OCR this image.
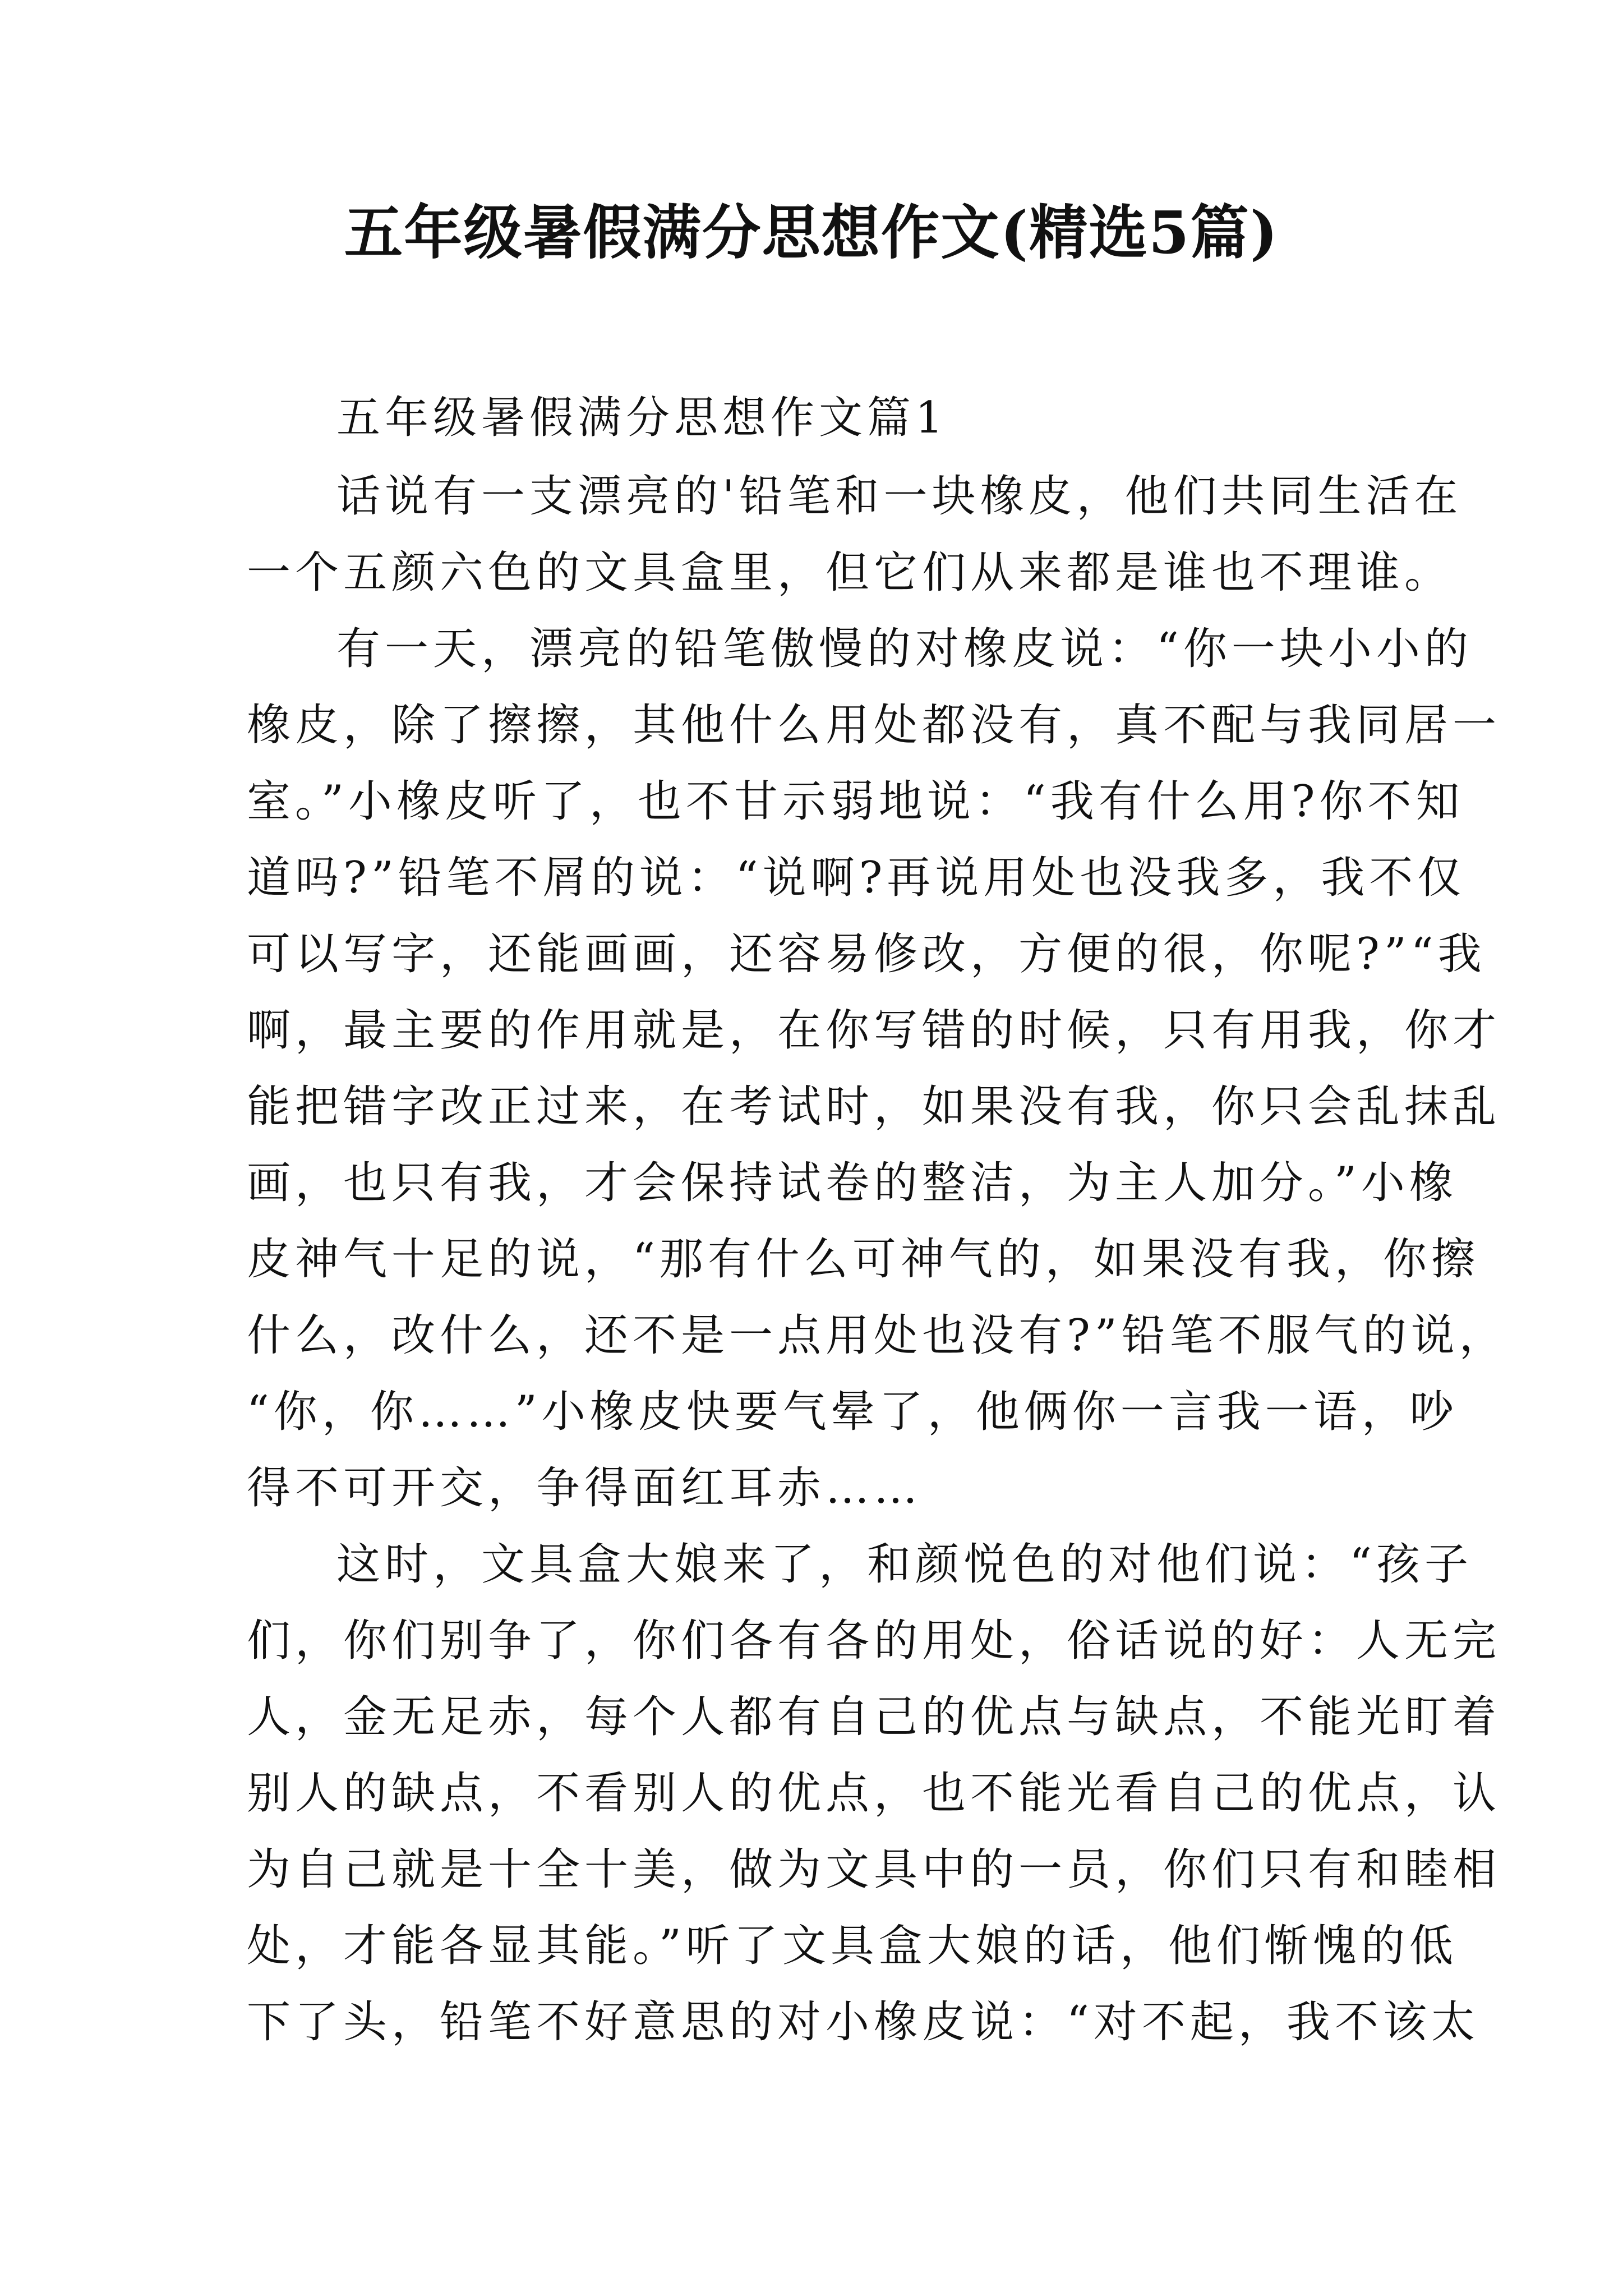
五年级暑假满分思想作文(精选5篇)
五年级暑假满分思想作文篇1
话说有一支漂亮的'铅笔和一块橡皮，他们共同生活在
一个五颜六色的文具盒里，但它们从来都是谁也不理谁。
有一天，漂亮的铅笔傲慢的对橡皮说：“你一块小小的
橡皮，除了擦擦，其他什么用处都没有，真不配与我同居一
室。”小橡皮听了，也不甘示弱地说：“我有什么用?你不知
道吗?”铅笔不屑的说：“说啊?再说用处也没我多，我不仅
可以写字，还能画画，还容易修改，方便的很，你呢?”“我
啊，最主要的作用就是，在你写错的时候，只有用我，你才
能把错字改正过来，在考试时，如果没有我，你只会乱抹乱
画，也只有我，才会保持试卷的整洁，为主人加分。”小橡
皮神气十足的说，“那有什么可神气的，如果没有我，你擦
什么，改什么，还不是一点用处也没有?”铅笔不服气的说，
“你，你……”小橡皮快要气晕了，他俩你一言我一语，吵
得不可开交，争得面红耳赤……
这时，文具盒大娘来了，和颜悦色的对他们说：“孩子
们，你们别争了，你们各有各的用处，俗话说的好：人无完
人，金无足赤，每个人都有自己的优点与缺点，不能光盯着
别人的缺点，不看别人的优点，也不能光看自己的优点，认
为自己就是十全十美，做为文具中的一员，你们只有和睦相
处，才能各显其能。”听了文具盒大娘的话，他们惭愧的低
下了头，铅笔不好意思的对小橡皮说：“对不起，我不该太
